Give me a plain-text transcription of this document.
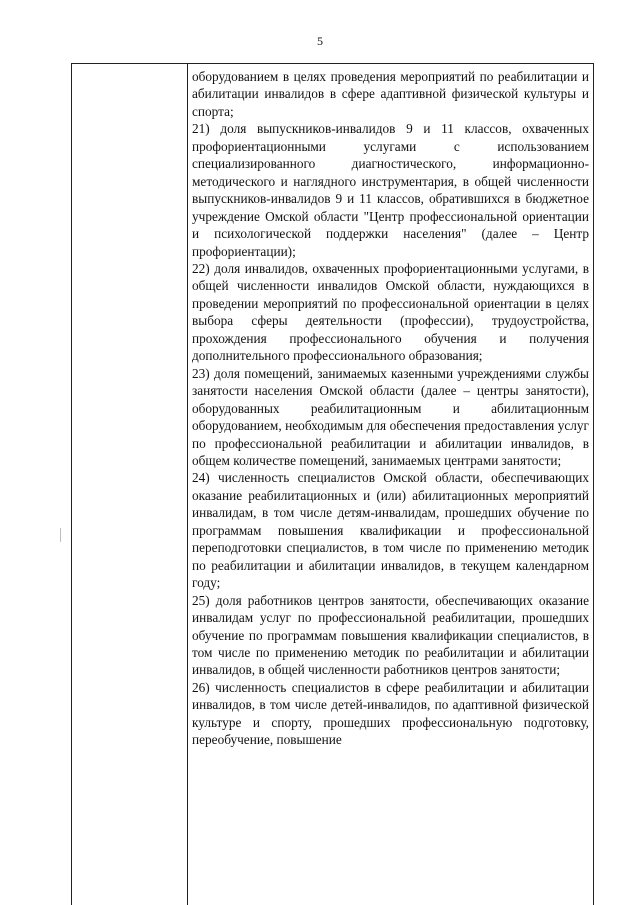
5

оборудованием в целях проведения мероприятий по реабилитации и абилитации инвалидов в сфере адаптивной физической культуры и спорта;

21) доля выпускников-инвалидов 9 и 11 классов, охваченных профориентационными услугами с использованием специализированного диагностического, информационно-методического и наглядного инструментария, в общей численности выпускников-инвалидов 9 и 11 классов, обратившихся в бюджетное учреждение Омской области "Центр профессиональной ориентации и психологической поддержки населения" (далее – Центр профориентации);

22) доля инвалидов, охваченных профориентационными услугами, в общей численности инвалидов Омской области, нуждающихся в проведении мероприятий по профессиональной ориентации в целях выбора сферы деятельности (профессии), трудоустройства, прохождения профессионального обучения и получения дополнительного профессионального образования;

23) доля помещений, занимаемых казенными учреждениями службы занятости населения Омской области (далее – центры занятости), оборудованных реабилитационным и абилитационным оборудованием, необходимым для обеспечения предоставления услуг по профессиональной реабилитации и абилитации инвалидов, в общем количестве помещений, занимаемых центрами занятости;

24) численность специалистов Омской области, обеспечивающих оказание реабилитационных и (или) абилитационных мероприятий инвалидам, в том числе детям-инвалидам, прошедших обучение по программам повышения квалификации и профессиональной переподготовки специалистов, в том числе по применению методик по реабилитации и абилитации инвалидов, в текущем календарном году;

25) доля работников центров занятости, обеспечивающих оказание инвалидам услуг по профессиональной реабилитации, прошедших обучение по программам повышения квалификации специалистов, в том числе по применению методик по реабилитации и абилитации инвалидов, в общей численности работников центров занятости;

26) численность специалистов в сфере реабилитации и абилитации инвалидов, в том числе детей-инвалидов, по адаптивной физической культуре и спорту, прошедших профессиональную подготовку, переобучение, повышение
